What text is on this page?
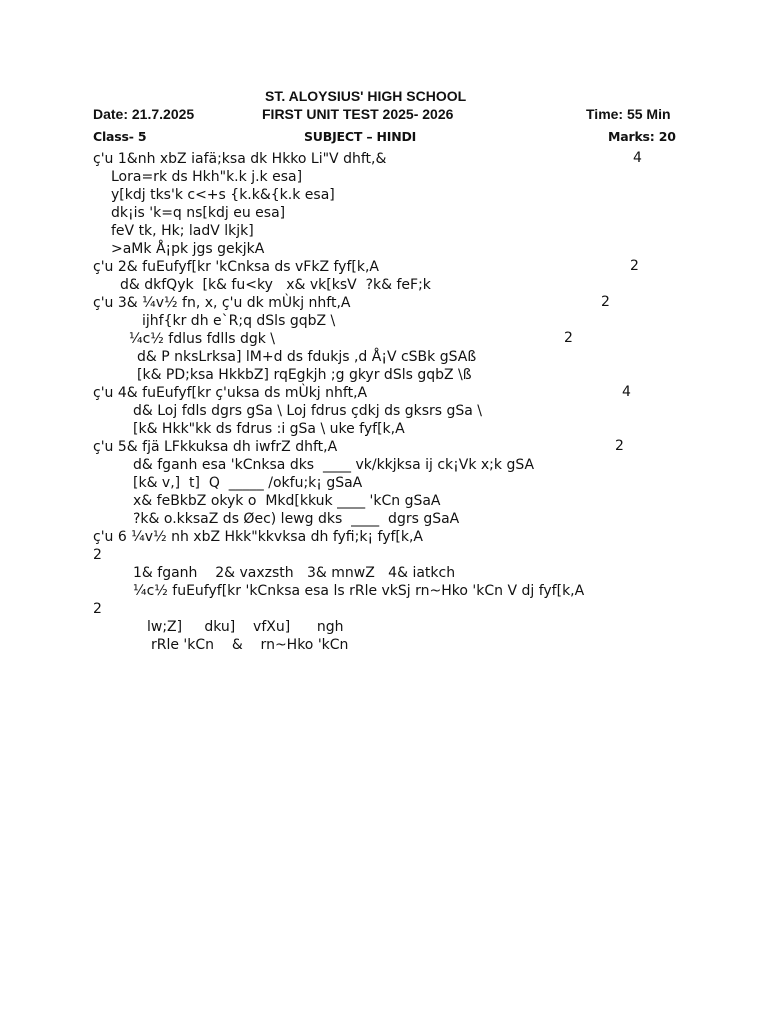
ST. ALOYSIUS' HIGH SCHOOL
Date: 21.7.2025	FIRST UNIT TEST 2025- 2026	Time: 55 Min
Class- 5	SUBJECT – HINDI	Marks: 20
ç'u 1&nh xbZ iafä;ksa dk Hkko Li"V dhft,&	4
Lora=rk ds Hkh"k.k j.k esa]
y[kdj tks'k c<+s {k.k&{k.k esa]
dk¡is 'k=q ns[kdj eu esa]
feV tk, Hk; ladV lkjk]
>aMk Å¡pk jgs gekjkA
ç'u 2& fuEufyf[kr 'kCnksa ds vFkZ fyf[k,A	2
d& dkfQyk  [k& fu<ky   x& vk[ksV  ?k& feF;k
ç'u 3& ¼v½ fn, x, ç'u dk mÙkj nhft,A	2
ijhf{kr dh e`R;q dSls gqbZ \
¼c½ fdlus fdlls dgk \	2
d& P nksLrksa] lM+d ds fdukjs ,d Å¡V cSBk gSAß
[k& PD;ksa HkkbZ] rqEgkjh ;g gkyr dSls gqbZ \ß
ç'u 4& fuEufyf[kr ç'uksa ds mÙkj nhft,A	4
d& Loj fdls dgrs gSa \ Loj fdrus çdkj ds gksrs gSa \
[k& Hkk"kk ds fdrus :i gSa \ uke fyf[k,A
ç'u 5& fjä LFkkuksa dh iwfrZ dhft,A	2
d& fganh esa 'kCnksa dks  ____ vk/kkjksa ij ck¡Vk x;k gSA
[k& v,]  t]  Q  _____ /okfu;k¡ gSaA
x& feBkbZ okyk o  Mkd[kkuk ____ 'kCn gSaA
?k& o.kksaZ ds Øec) lewg dks  ____  dgrs gSaA
ç'u 6 ¼v½ nh xbZ Hkk"kkvksa dh fyfi;k¡ fyf[k,A
2
1& fganh    2& vaxzsth   3& mnwZ   4& iatkch
¼c½ fuEufyf[kr 'kCnksa esa ls rRle vkSj rn~Hko 'kCn V dj fyf[k,A
2
lw;Z]     dku]    vfXu]      ngh
rRle 'kCn    &    rn~Hko 'kCn
